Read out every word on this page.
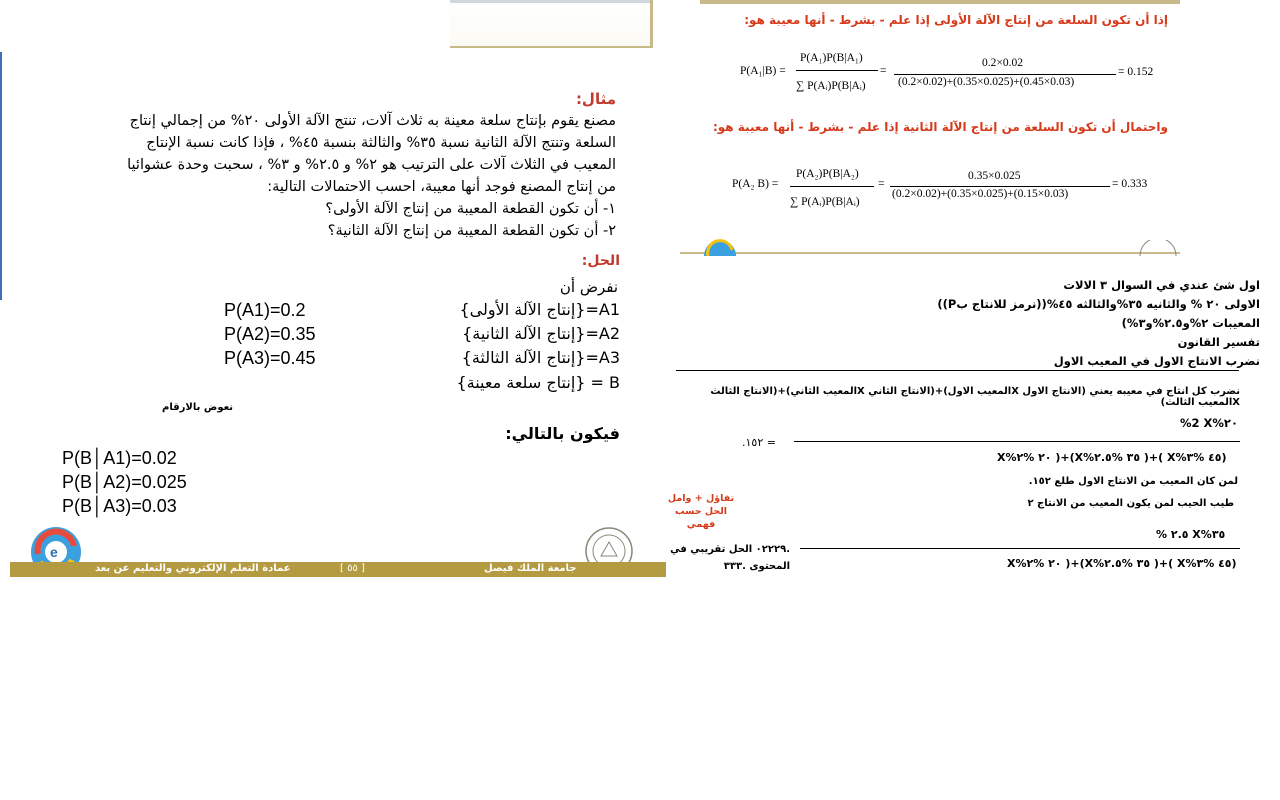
مثال:
مصنع يقوم بإنتاج سلعة معينة به ثلاث آلات، تنتج الآلة الأولى ٢٠% من إجمالي إنتاج
السلعة وتنتج الآلة الثانية نسبة ٣٥% والثالثة بنسبة ٤٥% ، فإذا كانت نسبة الإنتاج
المعيب في الثلاث آلات على الترتيب هو ٢% و ٢.٥% و ٣% ، سحبت وحدة عشوائيا
من إنتاج المصنع فوجد أنها معيبة، احسب الاحتمالات التالية:
١- أن تكون القطعة المعيبة من إنتاج الآلة الأولى؟
٢- أن تكون القطعة المعيبة من إنتاج الآلة الثانية؟
الحل:
نفرض أن
A1={إنتاج الآلة الأولى}
P(A1)=0.2
A2={إنتاج الآلة الثانية}
P(A2)=0.35
A3={إنتاج الآلة الثالثة}
P(A3)=0.45
B = {إنتاج سلعة معينة}
فيكون بالتالي:
P(B│A1)=0.02
P(B│A2)=0.025
P(B│A3)=0.03
e
عمادة التعلم الإلكتروني والتعليم عن بعد	[ ٥٥ ]	جامعة الملك فيصل
إذا أن تكون السلعة من إنتاج الآلة الأولى إذا علم - بشرط - أنها معيبة هو:
P(A₁|B) =
P(A₁)P(B|A₁)
∑ P(Aᵢ)P(B|Aᵢ)
=
0.2×0.02
(0.2×0.02)+(0.35×0.025)+(0.45×0.03)
= 0.152
واحتمال أن تكون السلعة من إنتاج الآلة الثانية إذا علم - بشرط - أنها معيبة هو:
P(A₂ B) =
P(A₂)P(B|A₂)
∑ P(Aᵢ)P(B|Aᵢ)
=
0.35×0.025
(0.2×0.02)+(0.35×0.025)+(0.15×0.03)
= 0.333
اول شئ عندي في السوال ٣ الالات
الاولى ٢٠ % والثانيه ٣٥%والثالثه ٤٥%((نرمز للانتاج بP))
المعيبات ٢%و٢.٥%و٣%)
تفسير القانون
نضرب الانتاج الاول في المعيب الاول
نضرب كل انتاج في معيبه يعني (الانتاج الاول Xالمعيب الاول)+(الانتاج الثاني Xالمعيب الثاني)+(الانتاج الثالث Xالمعيب الثالث)
نعوض بالارقام
%2 X%٢٠
.١٥٢ =
X%٢٠ %٢ )+(X%٣٥ %٢.٥ )+( X%٤٥ %٣)
لمن كان المعيب من الانتاج الاول طلع ١٥٢.
طيب الحيب لمن يكون المعيب من الانتاج ٢
تفاؤل + وامل
الحل حسب فهمي
% ٢.٥ X%٣٥
.٠٢٢٢٩ الحل تقريبي في
المحتوى .٣٣٣	X%٢٠ %٢ )+(X%٣٥ %٢.٥ )+( X%٤٥ %٣)
